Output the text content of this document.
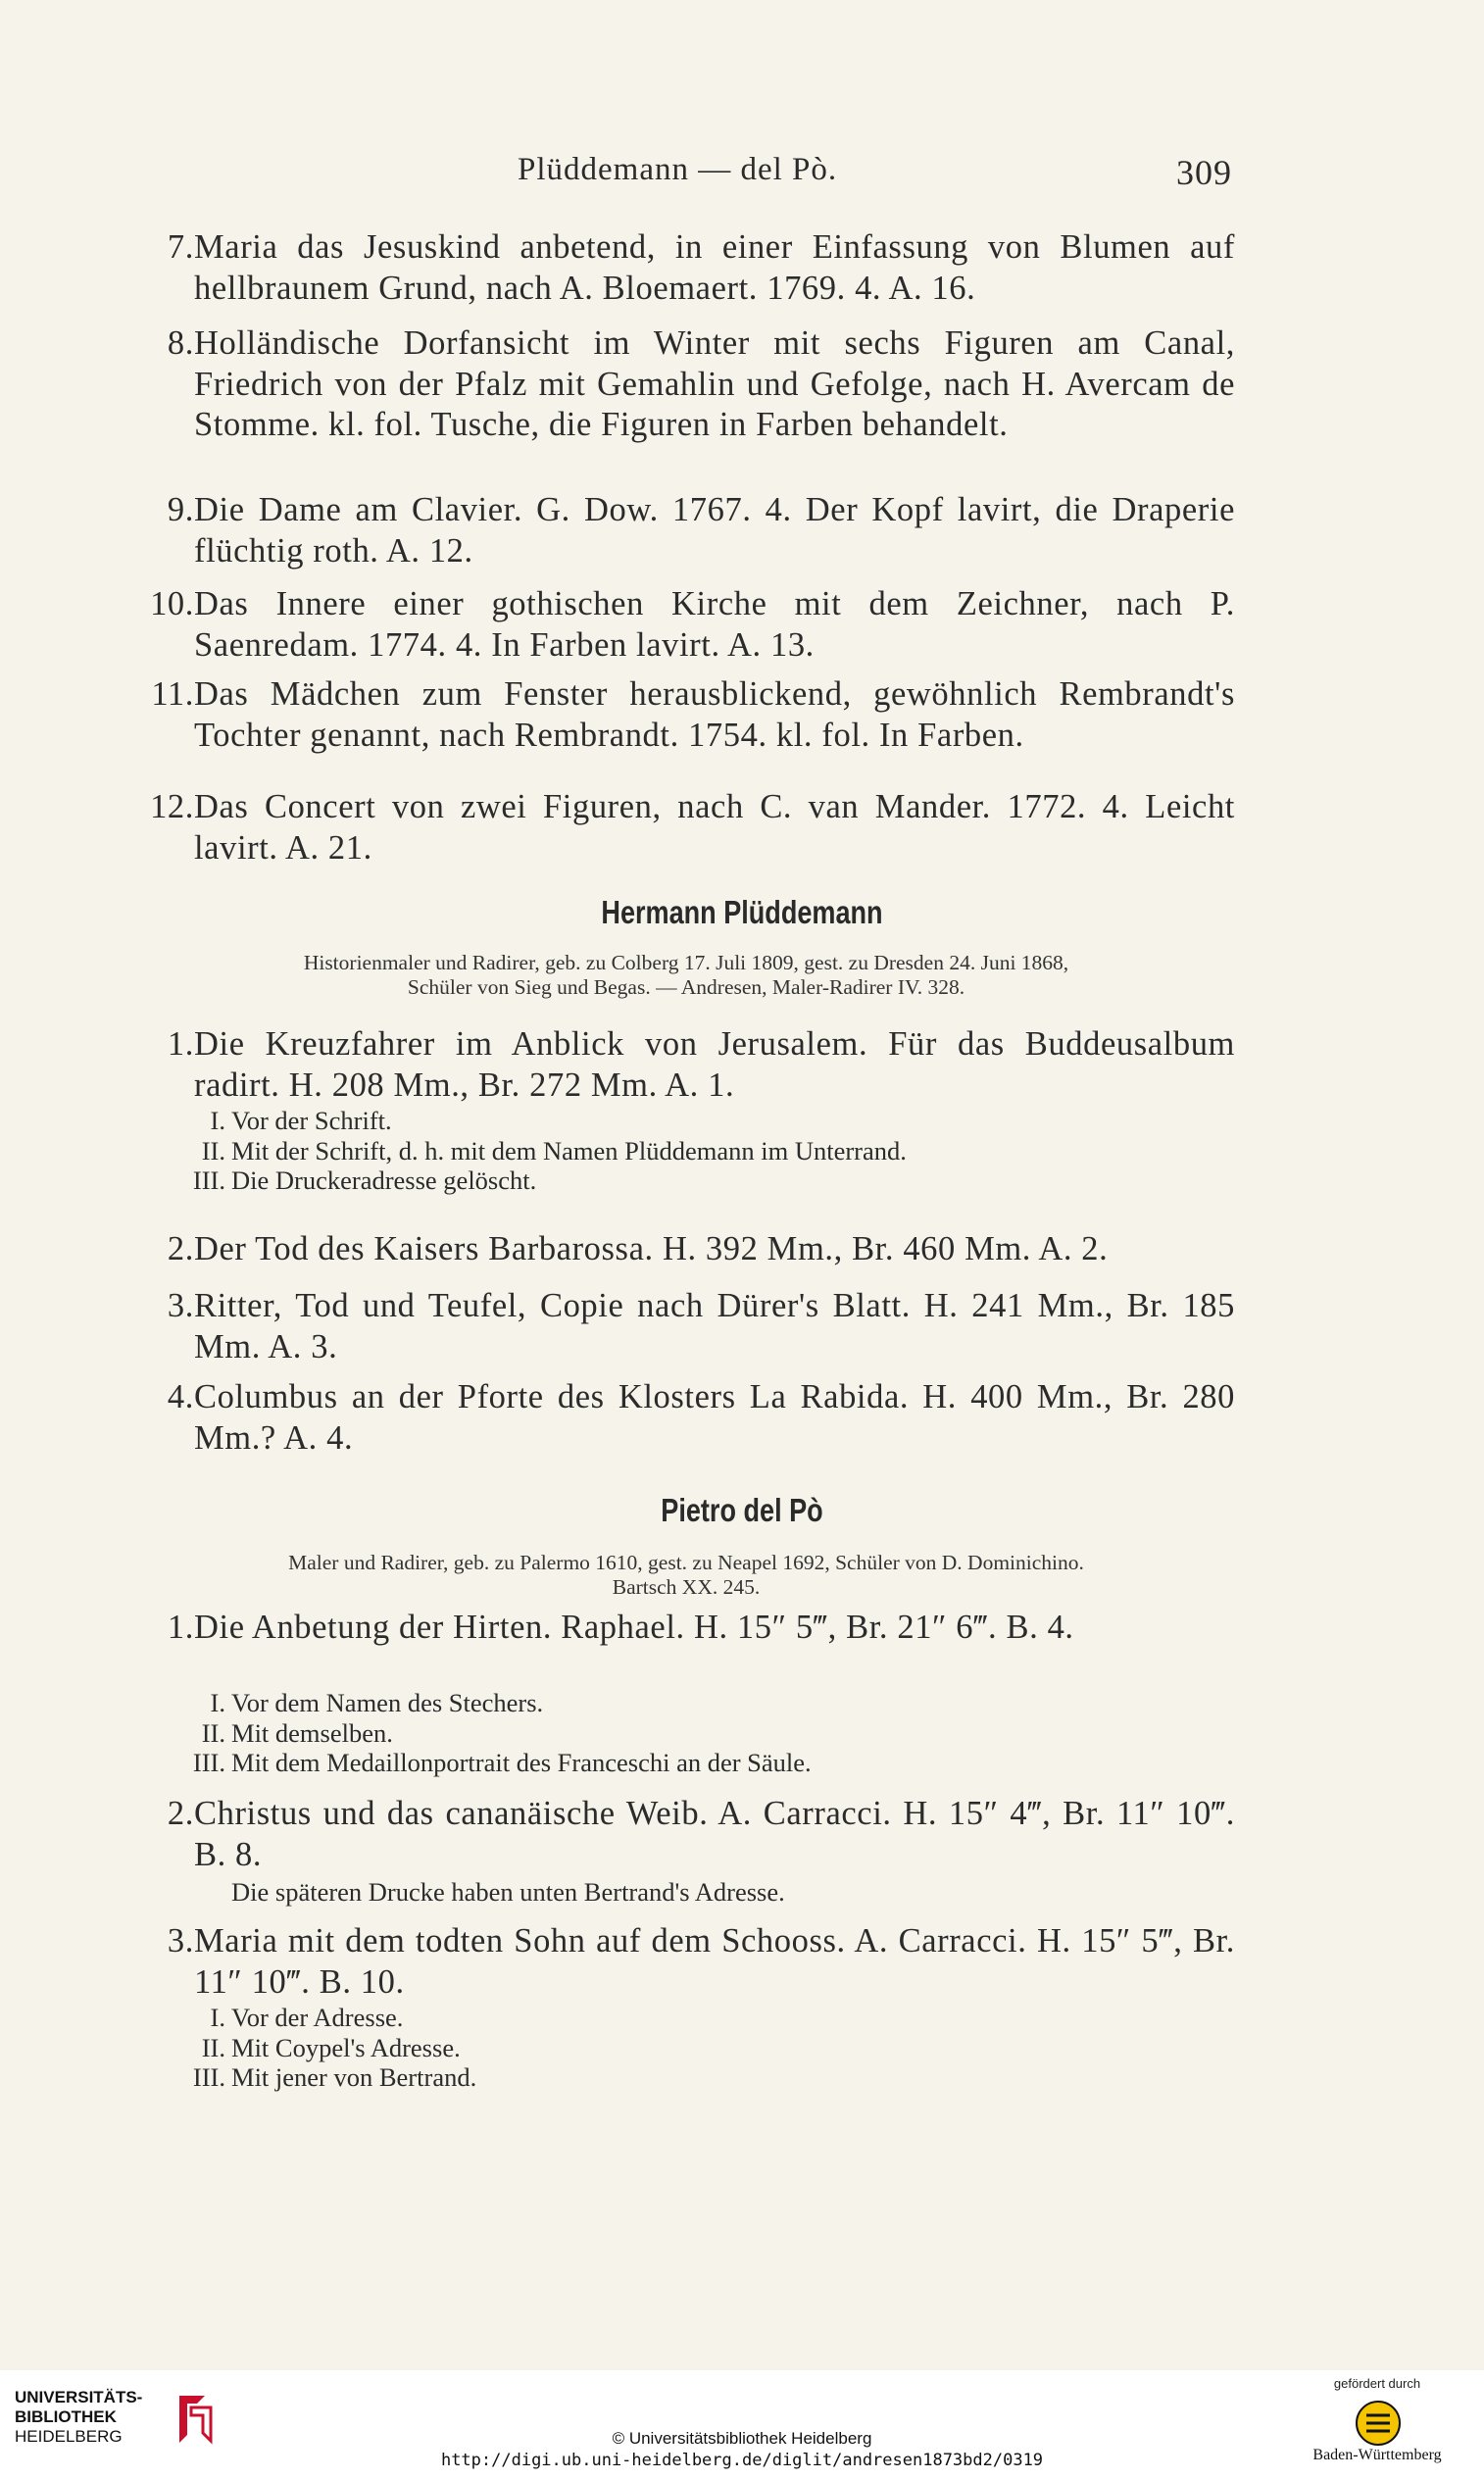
Plüddemann — del Pò.	309
7. Maria das Jesuskind anbetend, in einer Einfassung von Blumen auf hellbraunem Grund, nach A. Bloemaert. 1769. 4. A. 16.
8. Holländische Dorfansicht im Winter mit sechs Figuren am Canal, Friedrich von der Pfalz mit Gemahlin und Gefolge, nach H. Avercam de Stomme. kl. fol. Tusche, die Figuren in Farben behandelt.
9. Die Dame am Clavier. G. Dow. 1767. 4. Der Kopf lavirt, die Draperie flüchtig roth. A. 12.
10. Das Innere einer gothischen Kirche mit dem Zeichner, nach P. Saenredam. 1774. 4. In Farben lavirt. A. 13.
11. Das Mädchen zum Fenster herausblickend, gewöhnlich Rembrandt's Tochter genannt, nach Rembrandt. 1754. kl. fol. In Farben.
12. Das Concert von zwei Figuren, nach C. van Mander. 1772. 4. Leicht lavirt. A. 21.
Hermann Plüddemann
Historienmaler und Radirer, geb. zu Colberg 17. Juli 1809, gest. zu Dresden 24. Juni 1868,
Schüler von Sieg und Begas. — Andresen, Maler-Radirer IV. 328.
1. Die Kreuzfahrer im Anblick von Jerusalem. Für das Buddeusalbum radirt. H. 208 Mm., Br. 272 Mm. A. 1.
I. Vor der Schrift.
II. Mit der Schrift, d. h. mit dem Namen Plüddemann im Unterrand.
III. Die Druckeradresse gelöscht.
2. Der Tod des Kaisers Barbarossa. H. 392 Mm., Br. 460 Mm. A. 2.
3. Ritter, Tod und Teufel, Copie nach Dürer's Blatt. H. 241 Mm., Br. 185 Mm. A. 3.
4. Columbus an der Pforte des Klosters La Rabida. H. 400 Mm., Br. 280 Mm.? A. 4.
Pietro del Pò
Maler und Radirer, geb. zu Palermo 1610, gest. zu Neapel 1692, Schüler von D. Dominichino.
Bartsch XX. 245.
1. Die Anbetung der Hirten. Raphael. H. 15″ 5‴, Br. 21″ 6‴. B. 4.
I. Vor dem Namen des Stechers.
II. Mit demselben.
III. Mit dem Medaillonportrait des Franceschi an der Säule.
2. Christus und das cananäische Weib. A. Carracci. H. 15″ 4‴, Br. 11″ 10‴. B. 8.
Die späteren Drucke haben unten Bertrand's Adresse.
3. Maria mit dem todten Sohn auf dem Schooss. A. Carracci. H. 15″ 5‴, Br. 11″ 10‴. B. 10.
I. Vor der Adresse.
II. Mit Coypel's Adresse.
III. Mit jener von Bertrand.
UNIVERSITÄTS-
BIBLIOTHEK
HEIDELBERG	© Universitätsbibliothek Heidelberg
http://digi.ub.uni-heidelberg.de/diglit/andresen1873bd2/0319
gefördert durch
Baden-Württemberg
